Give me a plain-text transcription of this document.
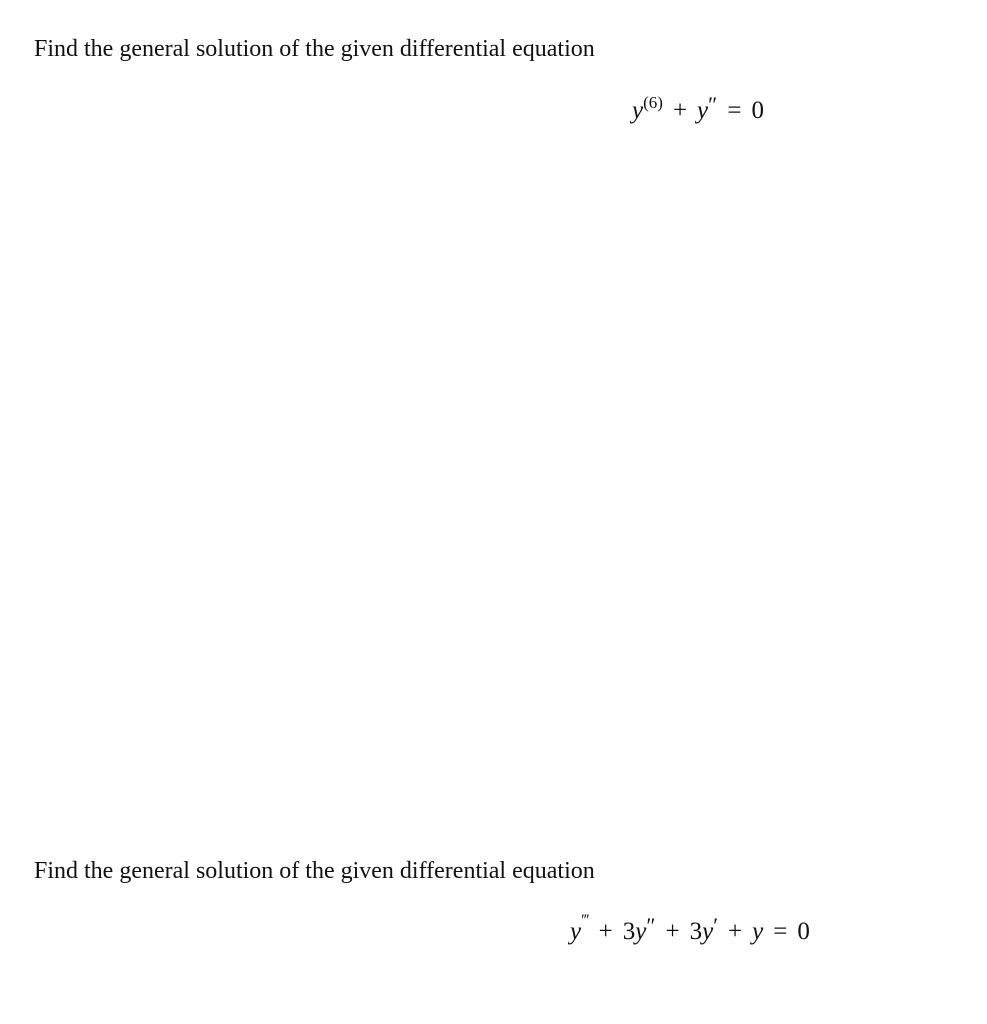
Find the general solution of the given differential equation
$y^{(6)} + y'' = 0$
Find the general solution of the given differential equation
y′′′ + 3y″ + 3y′ + y = 0
